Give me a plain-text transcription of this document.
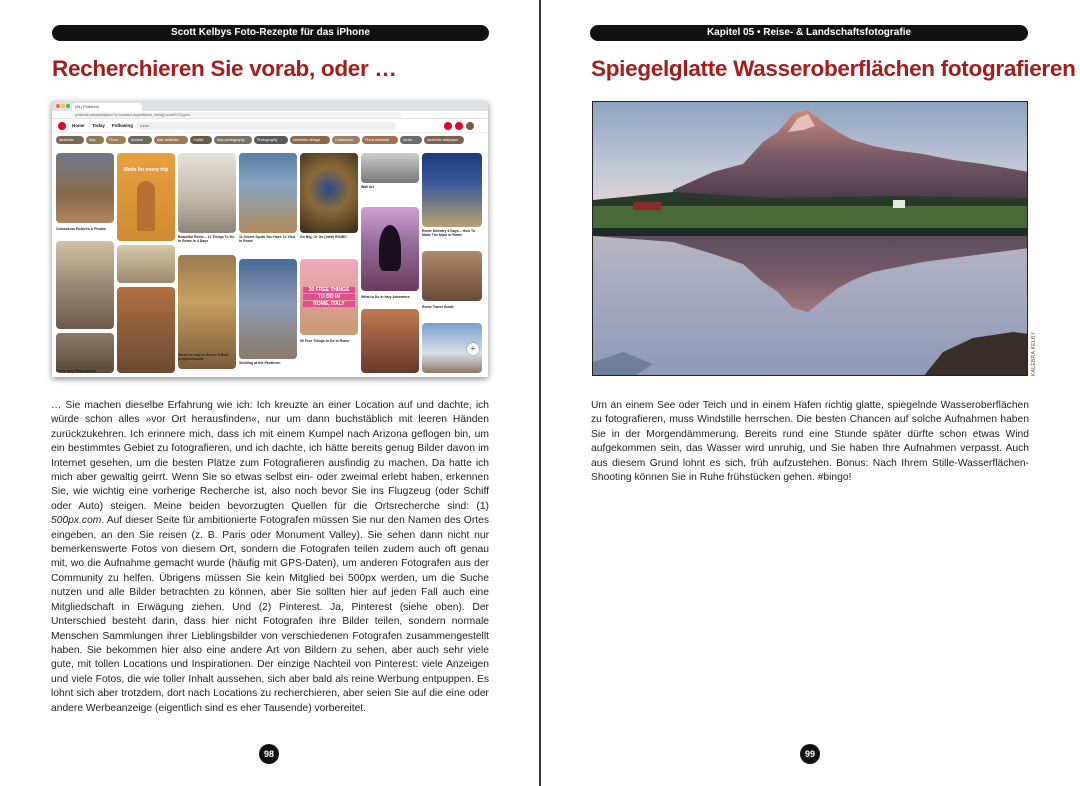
Scott Kelbys Foto-Rezepte für das iPhone
Recherchieren Sie vorab, oder …
(81) Pinterest
pinterest.ca/search/pins/?q=rome&rs=typed&term_meta[]=rome%7Ctyped
Home Today Following	rome
Aesthetic	Italy	Pizza	Ancient	Italy aesthetic	Outfits	Italy photography	Photography	Aesthetic vintage	Colosseum	Pizza aesthetic	Aesth…	Aesthetic wallpaper
Colosseum Pictures & Photos
Rome Italy Photography
Made for every trip
Beautiful Rome – 11 Things To Do In Rome In 4 Days
Where to stay in Rome: 8 Best neighborhoods
11 Secret Spots You Have To Visit In Rome
Strolling at the Pantheon
Go Big, Or Go (Vatti) ROME!
30 FREE THINGS
TO DO IN
ROME, ITALY
50 Free Things to Do in Rome
Wall Art
What to Do in Italy Adventure
Rome Itinerary 4 Days – How To Make The Most of Rome
Rome Travel Guide
+
… Sie machen dieselbe Erfahrung wie ich: Ich kreuzte an einer Location auf und dachte, ich würde schon alles »vor Ort herausfinden«, nur um dann buchstäblich mit leeren Händen zurückzukehren. Ich erinnere mich, dass ich mit einem Kumpel nach Arizona geflogen bin, um ein bestimmtes Gebiet zu fotografieren, und ich dachte, ich hätte bereits genug Bilder davon im Internet gesehen, um die besten Plätze zum Fotografieren ausfindig zu machen. Da hatte ich mich aber gewaltig geirrt. Wenn Sie so etwas selbst ein- oder zweimal erlebt haben, erkennen Sie, wie wichtig eine vorherige Recherche ist, also noch bevor Sie ins Flugzeug (oder Schiff oder Auto) steigen. Meine beiden bevorzugten Quellen für die Ortsrecherche sind: (1) 500px.com. Auf dieser Seite für ambitionierte Fotografen müssen Sie nur den Namen des Ortes eingeben, an den Sie reisen (z. B. Paris oder Monument Valley). Sie sehen dann nicht nur bemerkenswerte Fotos von diesem Ort, sondern die Fotografen teilen zudem auch oft genau mit, wo die Aufnahme gemacht wurde (häufig mit GPS-Daten), um anderen Fotografen aus der Community zu helfen. Übrigens müssen Sie kein Mitglied bei 500px werden, um die Suche nutzen und alle Bilder betrachten zu können, aber Sie sollten hier auf jeden Fall auch eine Mitgliedschaft in Erwägung ziehen. Und (2) Pinterest. Ja, Pinterest (siehe oben). Der Unterschied besteht darin, dass hier nicht Fotografen ihre Bilder teilen, sondern normale Menschen Sammlungen ihrer Lieblingsbilder von verschiedenen Fotografen zusammengestellt haben. Sie bekommen hier also eine andere Art von Bildern zu sehen, aber auch sehr viele gute, mit tollen Locations und Inspirationen. Der einzige Nachteil von Pinterest: viele Anzeigen und viele Fotos, die wie toller Inhalt aussehen, sich aber bald als reine Werbung entpuppen. Es lohnt sich aber trotzdem, dort nach Locations zu recherchieren, aber seien Sie auf die eine oder andere Werbeanzeige (eigentlich sind es eher Tausende) vorbereitet.
98
Kapitel 05 • Reise- & Landschaftsfotografie
Spiegelglatte Wasseroberflächen fotografieren
KALEBRA KELBY
Um an einem See oder Teich und in einem Hafen richtig glatte, spiegelnde Wasseroberflächen zu fotografieren, muss Windstille herrschen. Die besten Chancen auf solche Aufnahmen haben Sie in der Morgendämmerung. Bereits rund eine Stunde später dürfte schon etwas Wind aufgekommen sein, das Wasser wird unruhig, und Sie haben Ihre Aufnahmen verpasst. Auch aus diesem Grund lohnt es sich, früh aufzustehen. Bonus: Nach Ihrem Stille-Wasserflächen-Shooting können Sie in Ruhe frühstücken gehen. #bingo!
99
